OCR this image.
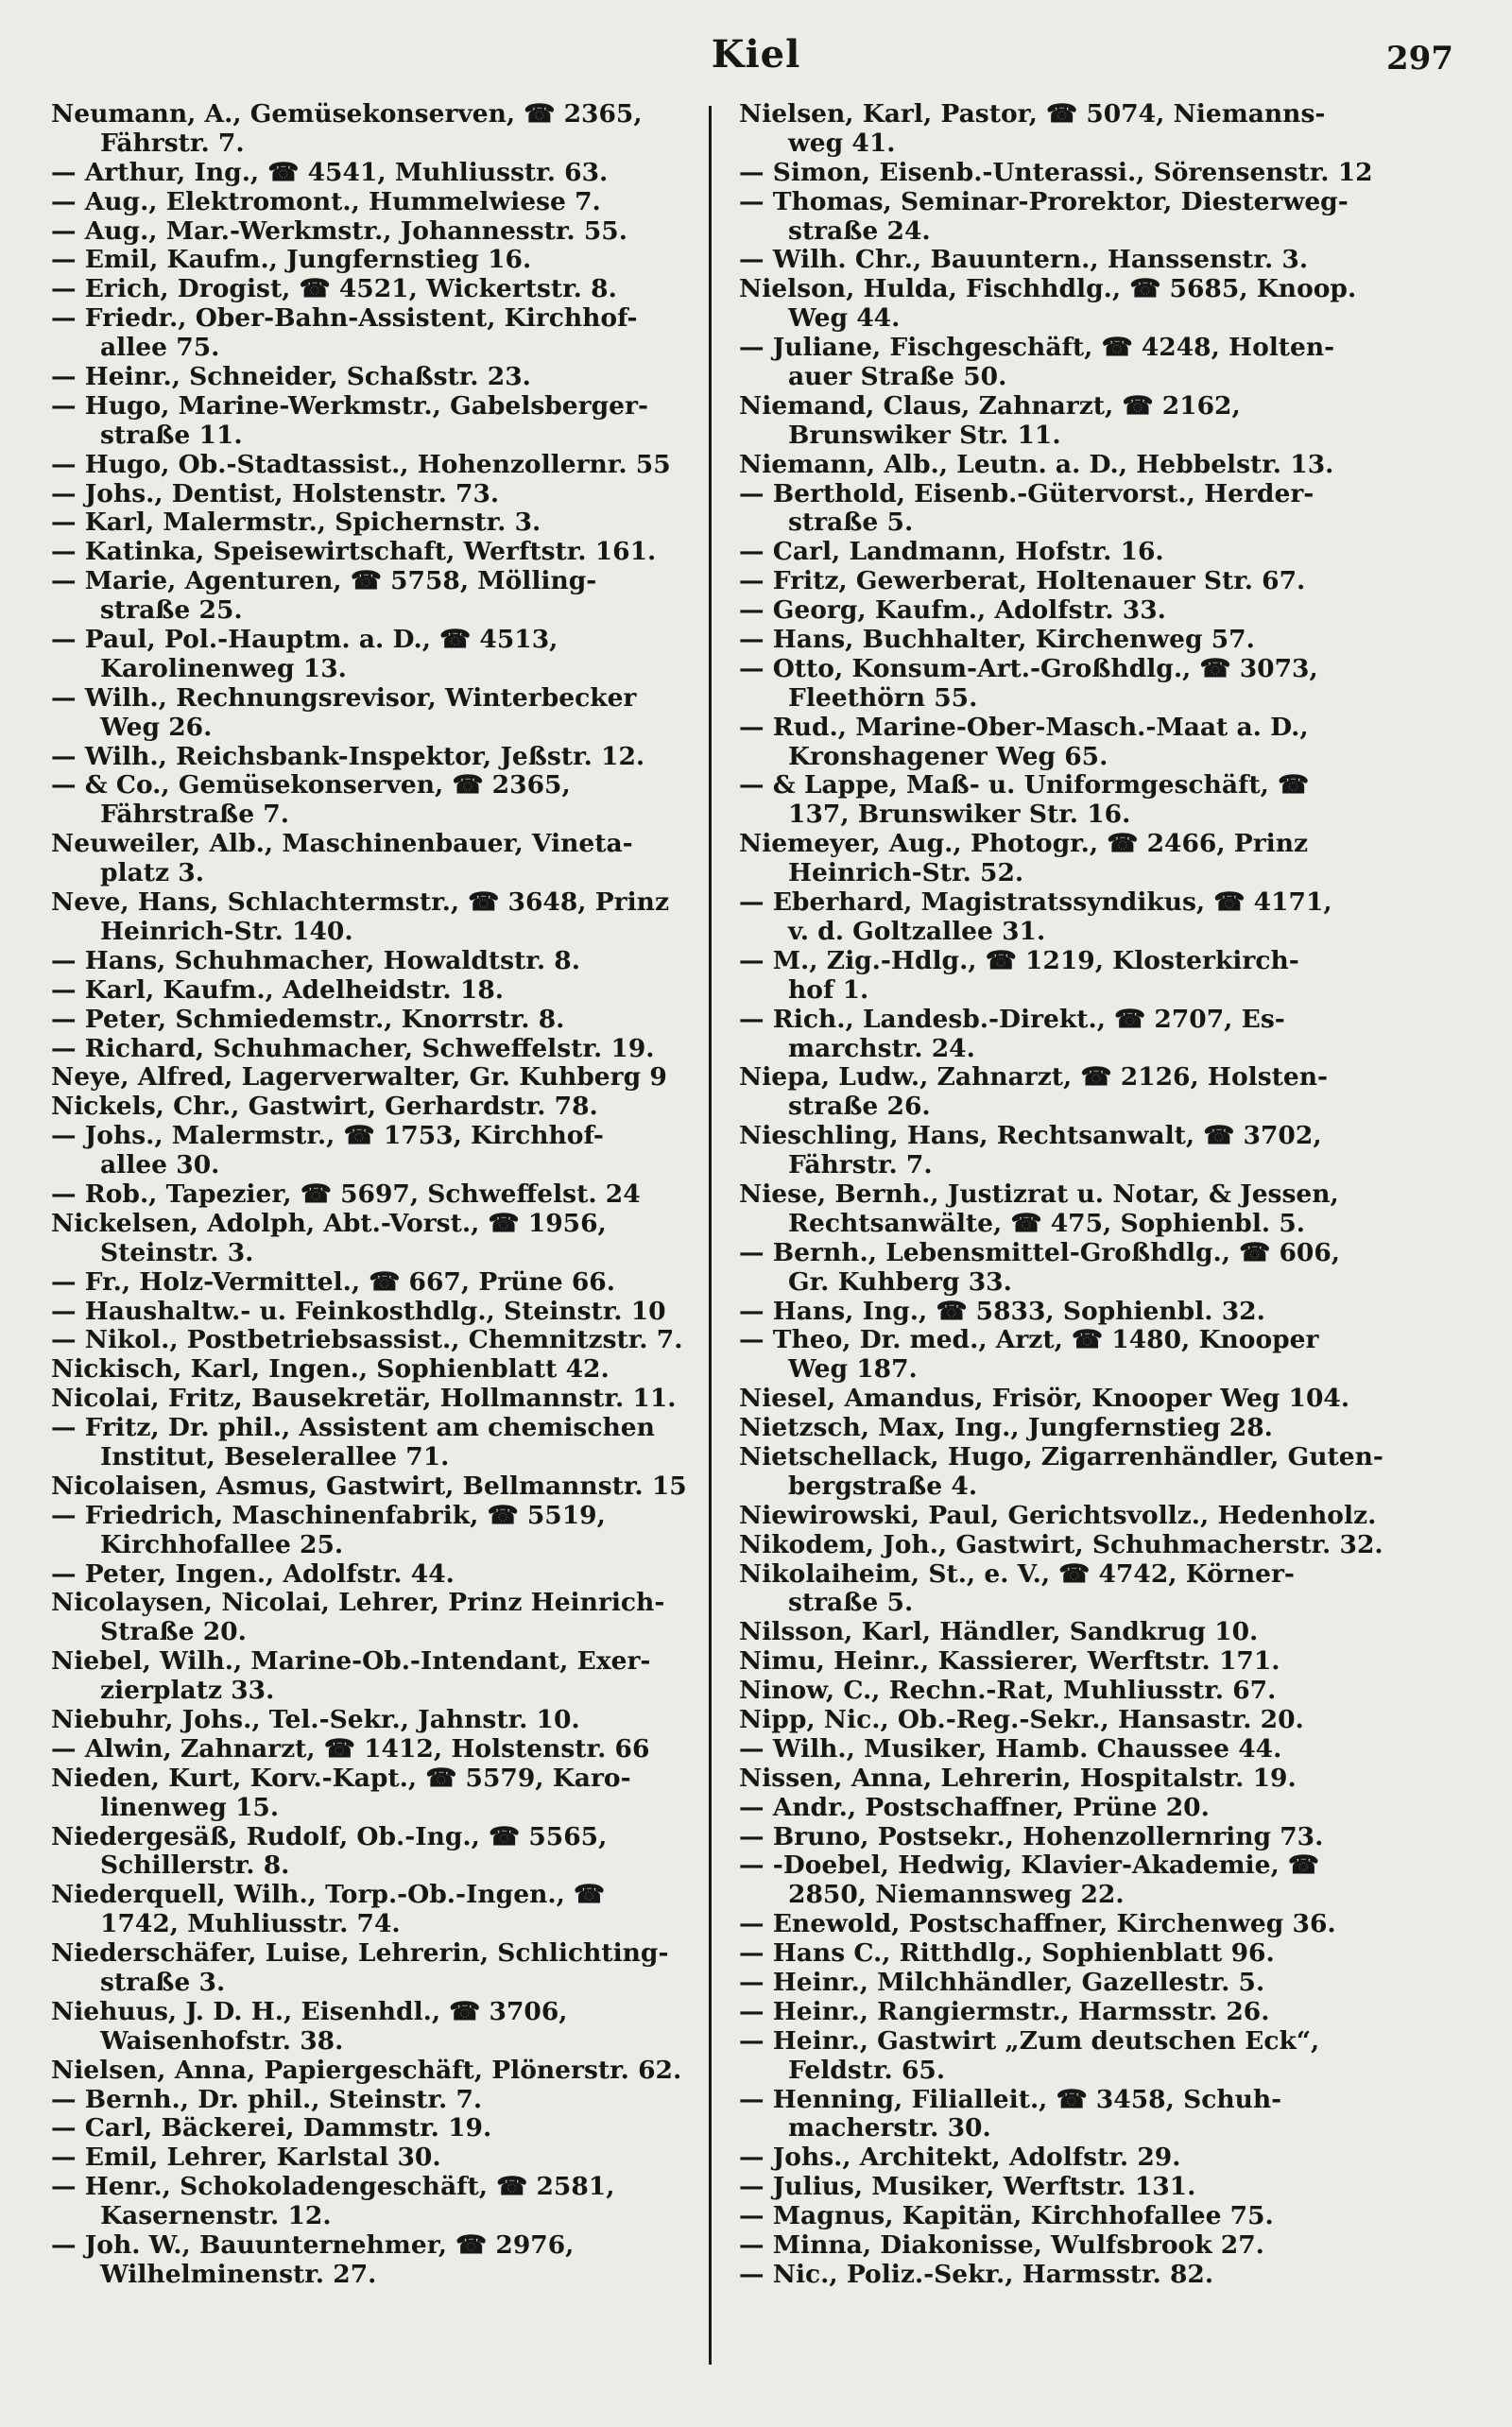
Kiel	297
Neumann, A., Gemüsekonserven, ☎ 2365,
Fährstr. 7.
— Arthur, Ing., ☎ 4541, Muhliusstr. 63.
— Aug., Elektromont., Hummelwiese 7.
— Aug., Mar.-Werkmstr., Johannesstr. 55.
— Emil, Kaufm., Jungfernstieg 16.
— Erich, Drogist, ☎ 4521, Wickertstr. 8.
— Friedr., Ober-Bahn-Assistent, Kirchhof-
allee 75.
— Heinr., Schneider, Schaßstr. 23.
— Hugo, Marine-Werkmstr., Gabelsberger-
straße 11.
— Hugo, Ob.-Stadtassist., Hohenzollernr. 55
— Johs., Dentist, Holstenstr. 73.
— Karl, Malermstr., Spichernstr. 3.
— Katinka, Speisewirtschaft, Werftstr. 161.
— Marie, Agenturen, ☎ 5758, Mölling-
straße 25.
— Paul, Pol.-Hauptm. a. D., ☎ 4513,
Karolinenweg 13.
— Wilh., Rechnungsrevisor, Winterbecker
Weg 26.
— Wilh., Reichsbank-Inspektor, Jeßstr. 12.
— & Co., Gemüsekonserven, ☎ 2365,
Fährstraße 7.
Neuweiler, Alb., Maschinenbauer, Vineta-
platz 3.
Neve, Hans, Schlachtermstr., ☎ 3648, Prinz
Heinrich-Str. 140.
— Hans, Schuhmacher, Howaldtstr. 8.
— Karl, Kaufm., Adelheidstr. 18.
— Peter, Schmiedemstr., Knorrstr. 8.
— Richard, Schuhmacher, Schweffelstr. 19.
Neye, Alfred, Lagerverwalter, Gr. Kuhberg 9
Nickels, Chr., Gastwirt, Gerhardstr. 78.
— Johs., Malermstr., ☎ 1753, Kirchhof-
allee 30.
— Rob., Tapezier, ☎ 5697, Schweffelst. 24
Nickelsen, Adolph, Abt.-Vorst., ☎ 1956,
Steinstr. 3.
— Fr., Holz-Vermittel., ☎ 667, Prüne 66.
— Haushaltw.- u. Feinkosthdlg., Steinstr. 10
— Nikol., Postbetriebsassist., Chemnitzstr. 7.
Nickisch, Karl, Ingen., Sophienblatt 42.
Nicolai, Fritz, Bausekretär, Hollmannstr. 11.
— Fritz, Dr. phil., Assistent am chemischen
Institut, Beselerallee 71.
Nicolaisen, Asmus, Gastwirt, Bellmannstr. 15
— Friedrich, Maschinenfabrik, ☎ 5519,
Kirchhofallee 25.
— Peter, Ingen., Adolfstr. 44.
Nicolaysen, Nicolai, Lehrer, Prinz Heinrich-
Straße 20.
Niebel, Wilh., Marine-Ob.-Intendant, Exer-
zierplatz 33.
Niebuhr, Johs., Tel.-Sekr., Jahnstr. 10.
— Alwin, Zahnarzt, ☎ 1412, Holstenstr. 66
Nieden, Kurt, Korv.-Kapt., ☎ 5579, Karo-
linenweg 15.
Niedergesäß, Rudolf, Ob.-Ing., ☎ 5565,
Schillerstr. 8.
Niederquell, Wilh., Torp.-Ob.-Ingen., ☎
1742, Muhliusstr. 74.
Niederschäfer, Luise, Lehrerin, Schlichting-
straße 3.
Niehuus, J. D. H., Eisenhdl., ☎ 3706,
Waisenhofstr. 38.
Nielsen, Anna, Papiergeschäft, Plönerstr. 62.
— Bernh., Dr. phil., Steinstr. 7.
— Carl, Bäckerei, Dammstr. 19.
— Emil, Lehrer, Karlstal 30.
— Henr., Schokoladengeschäft, ☎ 2581,
Kasernenstr. 12.
— Joh. W., Bauunternehmer, ☎ 2976,
Wilhelminenstr. 27.
Nielsen, Karl, Pastor, ☎ 5074, Niemanns-
weg 41.
— Simon, Eisenb.-Unterassi., Sörensenstr. 12
— Thomas, Seminar-Prorektor, Diesterweg-
straße 24.
— Wilh. Chr., Bauuntern., Hanssenstr. 3.
Nielson, Hulda, Fischhdlg., ☎ 5685, Knoop.
Weg 44.
— Juliane, Fischgeschäft, ☎ 4248, Holten-
auer Straße 50.
Niemand, Claus, Zahnarzt, ☎ 2162,
Brunswiker Str. 11.
Niemann, Alb., Leutn. a. D., Hebbelstr. 13.
— Berthold, Eisenb.-Gütervorst., Herder-
straße 5.
— Carl, Landmann, Hofstr. 16.
— Fritz, Gewerberat, Holtenauer Str. 67.
— Georg, Kaufm., Adolfstr. 33.
— Hans, Buchhalter, Kirchenweg 57.
— Otto, Konsum-Art.-Großhdlg., ☎ 3073,
Fleethörn 55.
— Rud., Marine-Ober-Masch.-Maat a. D.,
Kronshagener Weg 65.
— & Lappe, Maß- u. Uniformgeschäft, ☎
137, Brunswiker Str. 16.
Niemeyer, Aug., Photogr., ☎ 2466, Prinz
Heinrich-Str. 52.
— Eberhard, Magistratssyndikus, ☎ 4171,
v. d. Goltzallee 31.
— M., Zig.-Hdlg., ☎ 1219, Klosterkirch-
hof 1.
— Rich., Landesb.-Direkt., ☎ 2707, Es-
marchstr. 24.
Niepa, Ludw., Zahnarzt, ☎ 2126, Holsten-
straße 26.
Nieschling, Hans, Rechtsanwalt, ☎ 3702,
Fährstr. 7.
Niese, Bernh., Justizrat u. Notar, & Jessen,
Rechtsanwälte, ☎ 475, Sophienbl. 5.
— Bernh., Lebensmittel-Großhdlg., ☎ 606,
Gr. Kuhberg 33.
— Hans, Ing., ☎ 5833, Sophienbl. 32.
— Theo, Dr. med., Arzt, ☎ 1480, Knooper
Weg 187.
Niesel, Amandus, Frisör, Knooper Weg 104.
Nietzsch, Max, Ing., Jungfernstieg 28.
Nietschellack, Hugo, Zigarrenhändler, Guten-
bergstraße 4.
Niewirowski, Paul, Gerichtsvollz., Hedenholz.
Nikodem, Joh., Gastwirt, Schuhmacherstr. 32.
Nikolaiheim, St., e. V., ☎ 4742, Körner-
straße 5.
Nilsson, Karl, Händler, Sandkrug 10.
Nimu, Heinr., Kassierer, Werftstr. 171.
Ninow, C., Rechn.-Rat, Muhliusstr. 67.
Nipp, Nic., Ob.-Reg.-Sekr., Hansastr. 20.
— Wilh., Musiker, Hamb. Chaussee 44.
Nissen, Anna, Lehrerin, Hospitalstr. 19.
— Andr., Postschaffner, Prüne 20.
— Bruno, Postsekr., Hohenzollernring 73.
— -Doebel, Hedwig, Klavier-Akademie, ☎
2850, Niemannsweg 22.
— Enewold, Postschaffner, Kirchenweg 36.
— Hans C., Ritthdlg., Sophienblatt 96.
— Heinr., Milchhändler, Gazellestr. 5.
— Heinr., Rangiermstr., Harmsstr. 26.
— Heinr., Gastwirt „Zum deutschen Eck“,
Feldstr. 65.
— Henning, Filialleit., ☎ 3458, Schuh-
macherstr. 30.
— Johs., Architekt, Adolfstr. 29.
— Julius, Musiker, Werftstr. 131.
— Magnus, Kapitän, Kirchhofallee 75.
— Minna, Diakonisse, Wulfsbrook 27.
— Nic., Poliz.-Sekr., Harmsstr. 82.
